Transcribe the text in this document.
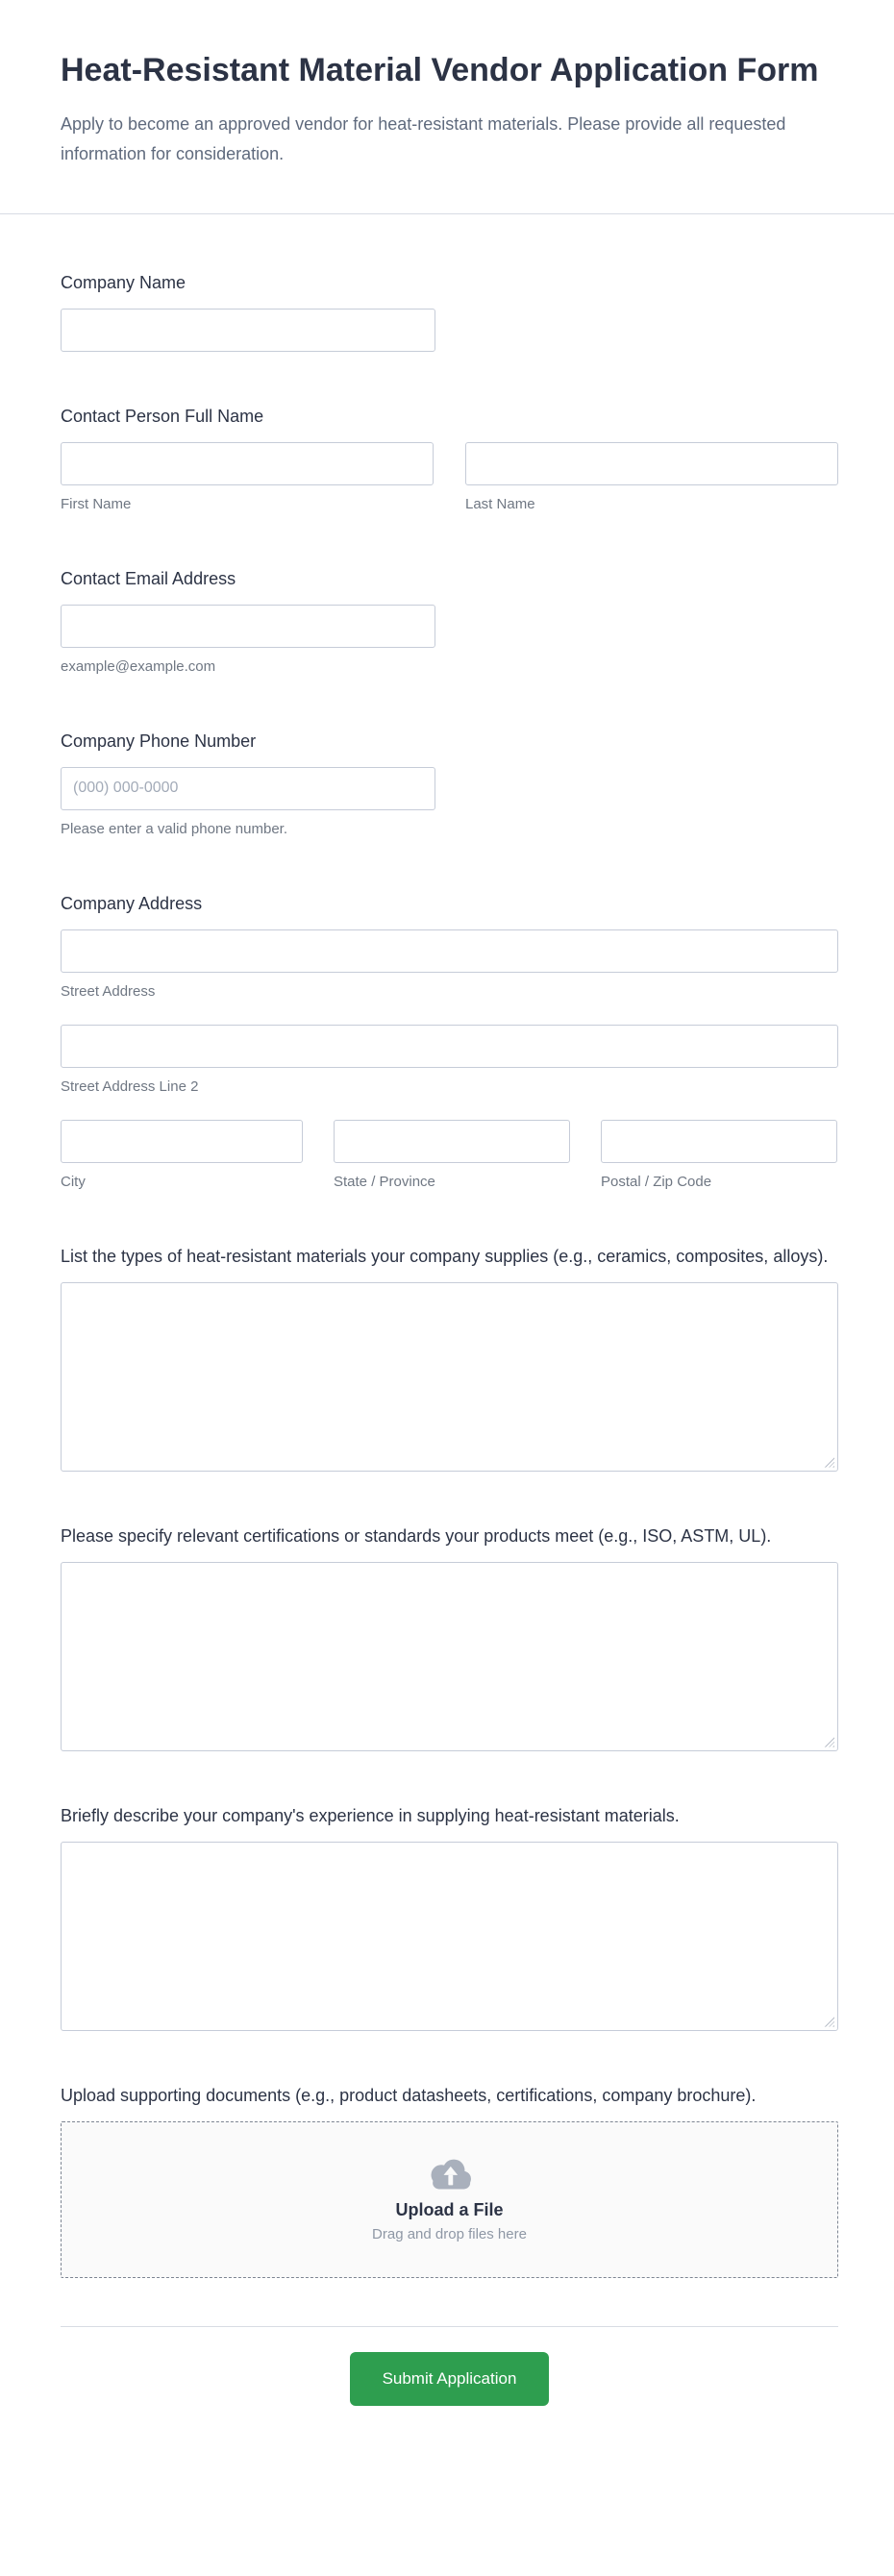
Heat-Resistant Material Vendor Application Form

Apply to become an approved vendor for heat-resistant materials. Please provide all requested information for consideration.

Company Name
Contact Person Full Name
First Name	Last Name
Contact Email Address
example@example.com
Company Phone Number
(000) 000-0000
Please enter a valid phone number.
Company Address
Street Address
Street Address Line 2
City	State / Province	Postal / Zip Code
List the types of heat-resistant materials your company supplies (e.g., ceramics, composites, alloys).
Please specify relevant certifications or standards your products meet (e.g., ISO, ASTM, UL).
Briefly describe your company's experience in supplying heat-resistant materials.
Upload supporting documents (e.g., product datasheets, certifications, company brochure).
Upload a File
Drag and drop files here
Submit Application
